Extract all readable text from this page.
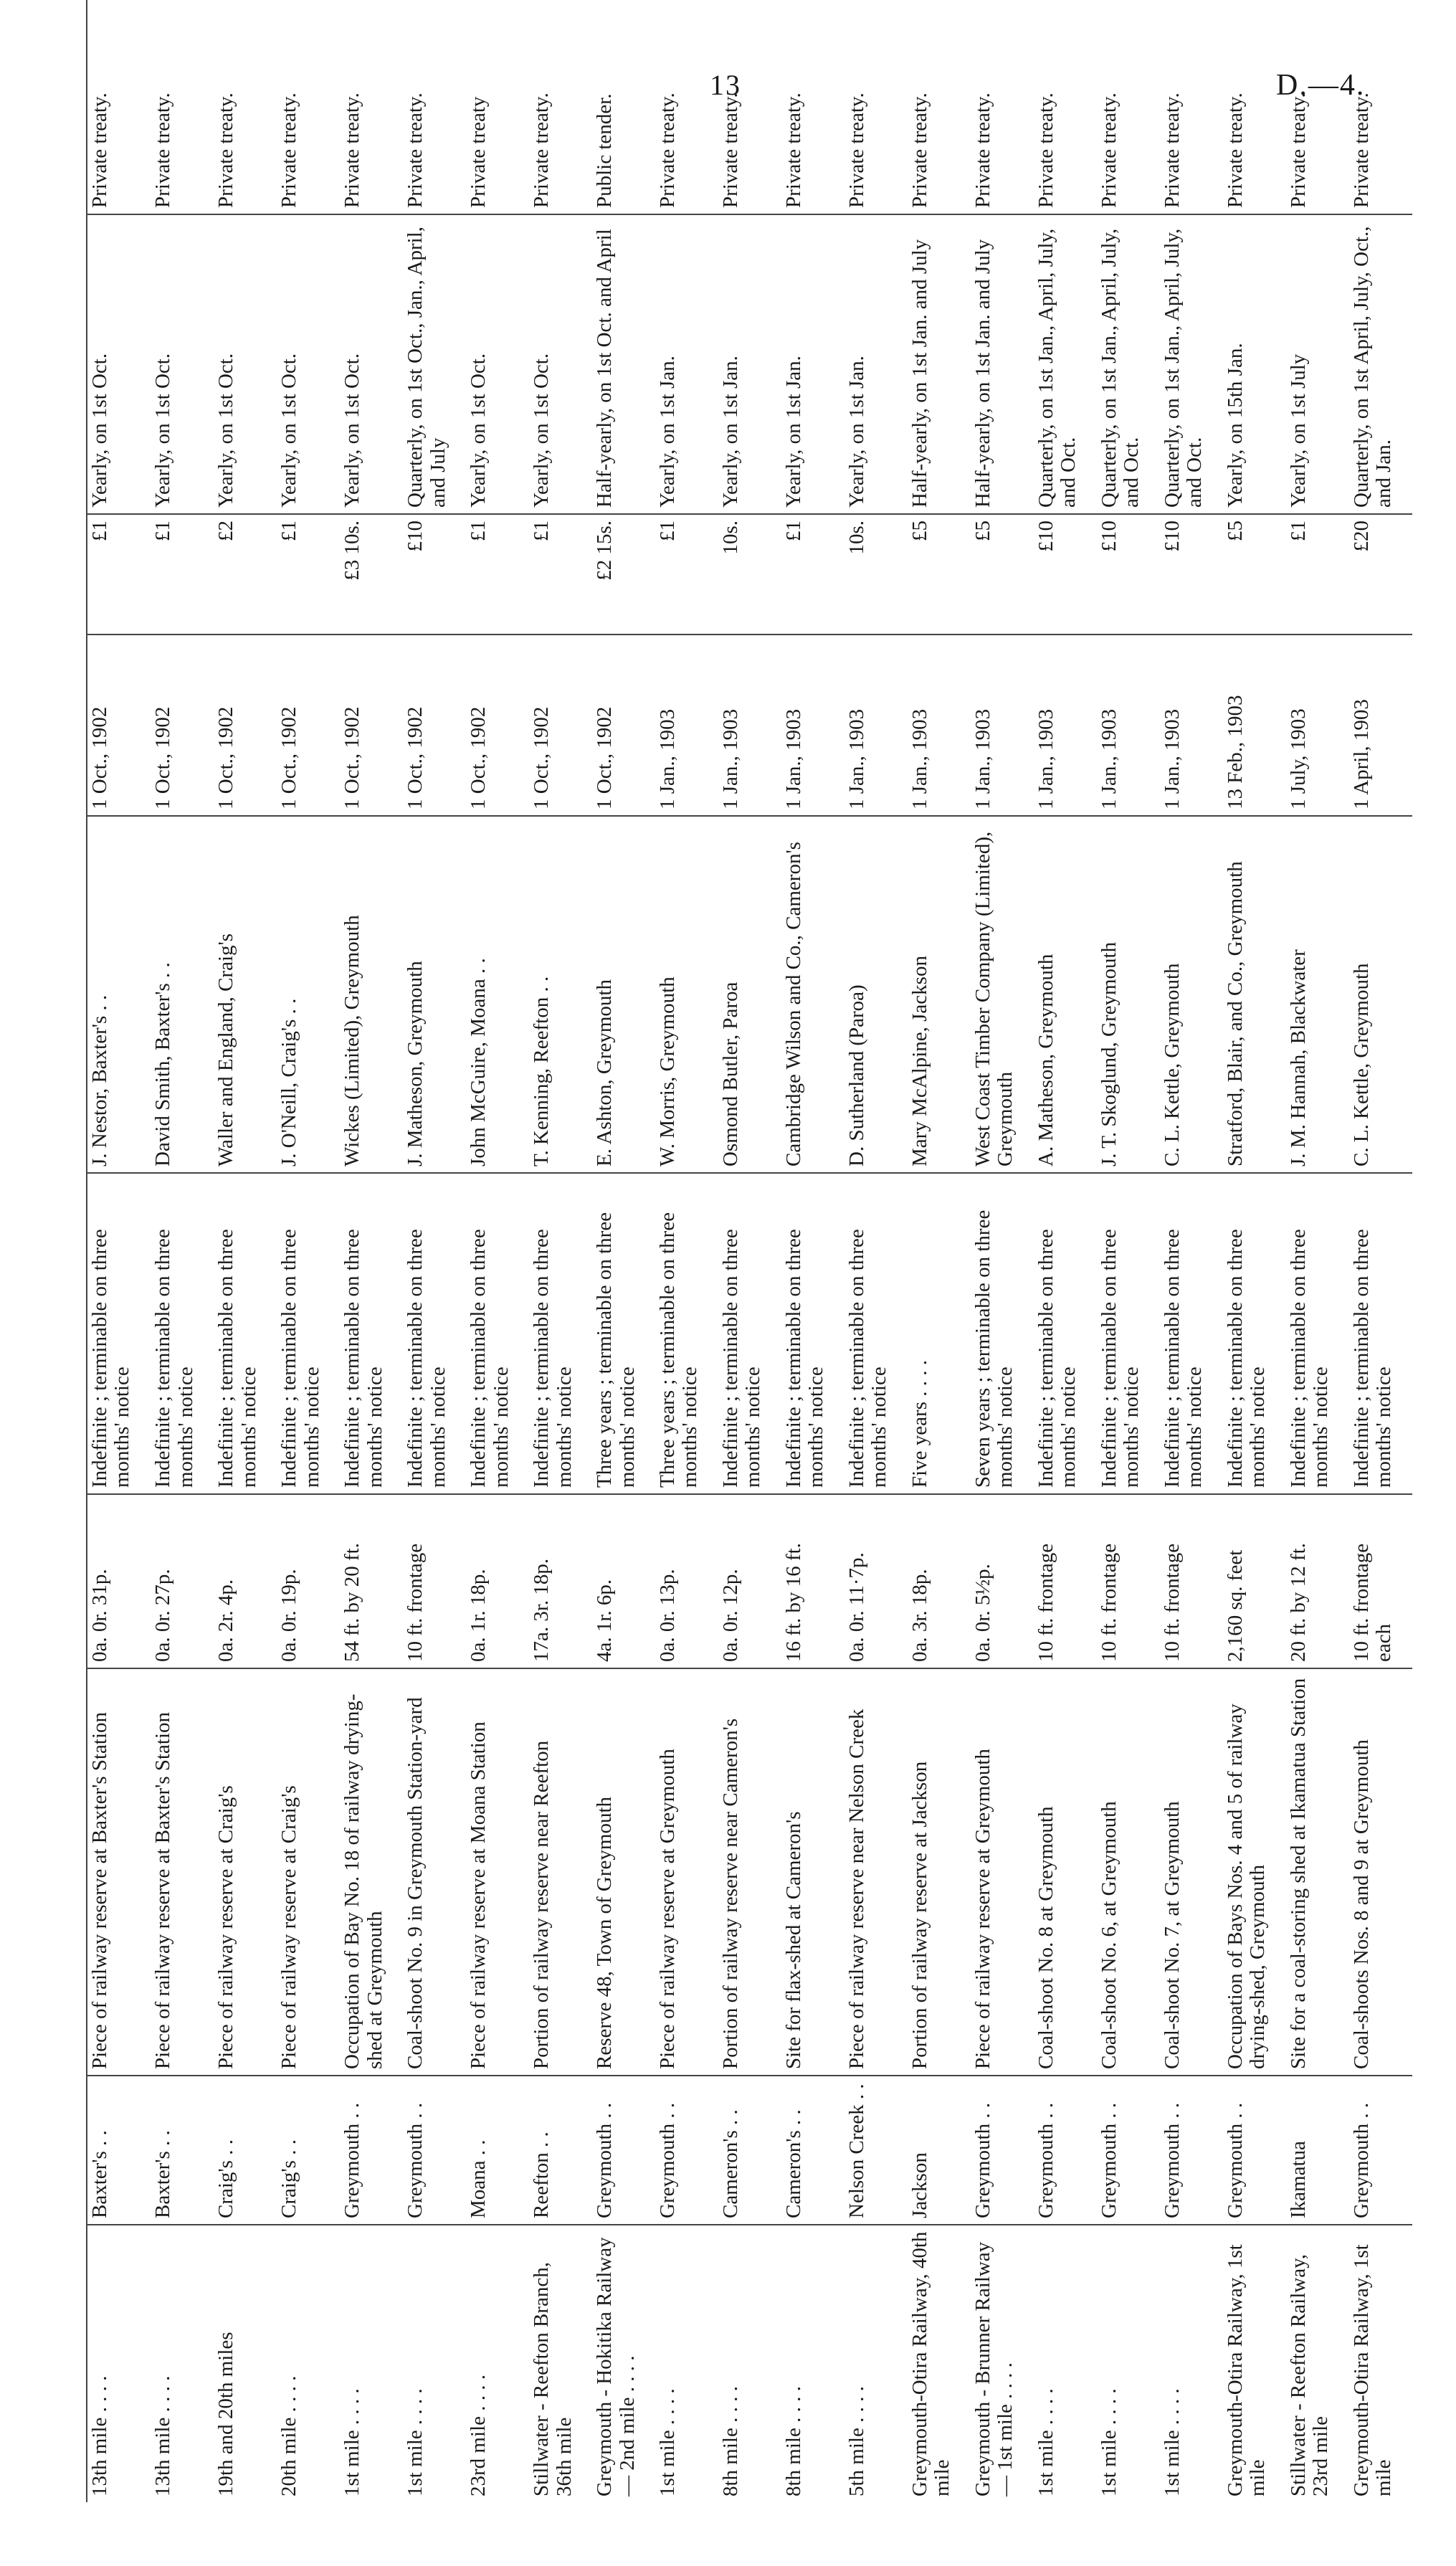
13	D.—4.
13th mile . . . .	Baxter's . .	Piece of railway reserve at Baxter's Station	0a. 0r. 31p.	Indefinite ; terminable on three months' notice	J. Nestor, Baxter's . .	1 Oct., 1902	£1	Yearly, on 1st Oct.	Private treaty.

13th mile . . . .	Baxter's . .	Piece of railway reserve at Baxter's Station	0a. 0r. 27p.	Indefinite ; terminable on three months' notice	David Smith, Baxter's . .	1 Oct., 1902	£1	Yearly, on 1st Oct.	Private treaty.

19th and 20th miles	Craig's . .	Piece of railway reserve at Craig's	0a. 2r. 4p.	Indefinite ; terminable on three months' notice	Waller and England, Craig's	1 Oct., 1902	£2	Yearly, on 1st Oct.	Private treaty.

20th mile . . . .	Craig's . .	Piece of railway reserve at Craig's	0a. 0r. 19p.	Indefinite ; terminable on three months' notice	J. O'Neill, Craig's . .	1 Oct., 1902	£1	Yearly, on 1st Oct.	Private treaty.

1st mile . . . .	Greymouth . .	Occupation of Bay No. 18 of railway drying-shed at Greymouth	54 ft. by 20 ft.	Indefinite ; terminable on three months' notice	Wickes (Limited), Greymouth	1 Oct., 1902	£3 10s.	Yearly, on 1st Oct.	Private treaty.

1st mile . . . .	Greymouth . .	Coal-shoot No. 9 in Greymouth Station-yard	10 ft. frontage	Indefinite ; terminable on three months' notice	J. Matheson, Greymouth	1 Oct., 1902	£10	Quarterly, on 1st Oct., Jan., April, and July	Private treaty.

23rd mile . . . .	Moana . .	Piece of railway reserve at Moana Station	0a. 1r. 18p.	Indefinite ; terminable on three months' notice	John McGuire, Moana . .	1 Oct., 1902	£1	Yearly, on 1st Oct.	Private treaty

Stillwater - Reefton Branch, 36th mile	Reefton . .	Portion of railway reserve near Reefton	17a. 3r. 18p.	Indefinite ; terminable on three months' notice	T. Kenning, Reefton . .	1 Oct., 1902	£1	Yearly, on 1st Oct.	Private treaty.

Greymouth - Hokitika Railway— 2nd mile . . . .	Greymouth . .	Reserve 48, Town of Greymouth	4a. 1r. 6p.	Three years ; terminable on three months' notice	E. Ashton, Greymouth	1 Oct., 1902	£2 15s.	Half-yearly, on 1st Oct. and April	Public tender.

1st mile . . . .	Greymouth . .	Piece of railway reserve at Greymouth	0a. 0r. 13p.	Three years ; terminable on three months' notice	W. Morris, Greymouth	1 Jan., 1903	£1	Yearly, on 1st Jan.	Private treaty.

8th mile . . . .	Cameron's . .	Portion of railway reserve near Cameron's	0a. 0r. 12p.	Indefinite ; terminable on three months' notice	Osmond Butler, Paroa	1 Jan., 1903	10s.	Yearly, on 1st Jan.	Private treaty.

8th mile . . . .	Cameron's . .	Site for flax-shed at Cameron's	16 ft. by 16 ft.	Indefinite ; terminable on three months' notice	Cambridge Wilson and Co., Cameron's	1 Jan., 1903	£1	Yearly, on 1st Jan.	Private treaty.

5th mile . . . .	Nelson Creek . .	Piece of railway reserve near Nelson Creek	0a. 0r. 11·7p.	Indefinite ; terminable on three months' notice	D. Sutherland (Paroa)	1 Jan., 1903	10s.	Yearly, on 1st Jan.	Private treaty.

Greymouth-Otira Railway, 40th mile	Jackson	Portion of railway reserve at Jackson	0a. 3r. 18p.	Five years . . . .	Mary McAlpine, Jackson	1 Jan., 1903	£5	Half-yearly, on 1st Jan. and July	Private treaty.

Greymouth - Brunner Railway— 1st mile . . . .	Greymouth . .	Piece of railway reserve at Greymouth	0a. 0r. 5½p.	Seven years ; terminable on three months' notice	West Coast Timber Company (Limited), Greymouth	1 Jan., 1903	£5	Half-yearly, on 1st Jan. and July	Private treaty.

1st mile . . . .	Greymouth . .	Coal-shoot No. 8 at Greymouth	10 ft. frontage	Indefinite ; terminable on three months' notice	A. Matheson, Greymouth	1 Jan., 1903	£10	Quarterly, on 1st Jan., April, July, and Oct.	Private treaty.

1st mile . . . .	Greymouth . .	Coal-shoot No. 6, at Greymouth	10 ft. frontage	Indefinite ; terminable on three months' notice	J. T. Skoglund, Greymouth	1 Jan., 1903	£10	Quarterly, on 1st Jan., April, July, and Oct.	Private treaty.

1st mile . . . .	Greymouth . .	Coal-shoot No. 7, at Greymouth	10 ft. frontage	Indefinite ; terminable on three months' notice	C. L. Kettle, Greymouth	1 Jan., 1903	£10	Quarterly, on 1st Jan., April, July, and Oct.	Private treaty.

Greymouth-Otira Railway, 1st mile	Greymouth . .	Occupation of Bays Nos. 4 and 5 of railway drying-shed, Greymouth	2,160 sq. feet	Indefinite ; terminable on three months' notice	Stratford, Blair, and Co., Greymouth	13 Feb., 1903	£5	Yearly, on 15th Jan.	Private treaty.

Stillwater - Reefton Railway, 23rd mile	Ikamatua	Site for a coal-storing shed at Ikamatua Station	20 ft. by 12 ft.	Indefinite ; terminable on three months' notice	J. M. Hannah, Blackwater	1 July, 1903	£1	Yearly, on 1st July	Private treaty.

Greymouth-Otira Railway, 1st mile	Greymouth . .	Coal-shoots Nos. 8 and 9 at Greymouth	10 ft. frontage each	Indefinite ; terminable on three months' notice	C. L. Kettle, Greymouth	1 April, 1903	£20	Quarterly, on 1st April, July, Oct., and Jan.	Private treaty.
